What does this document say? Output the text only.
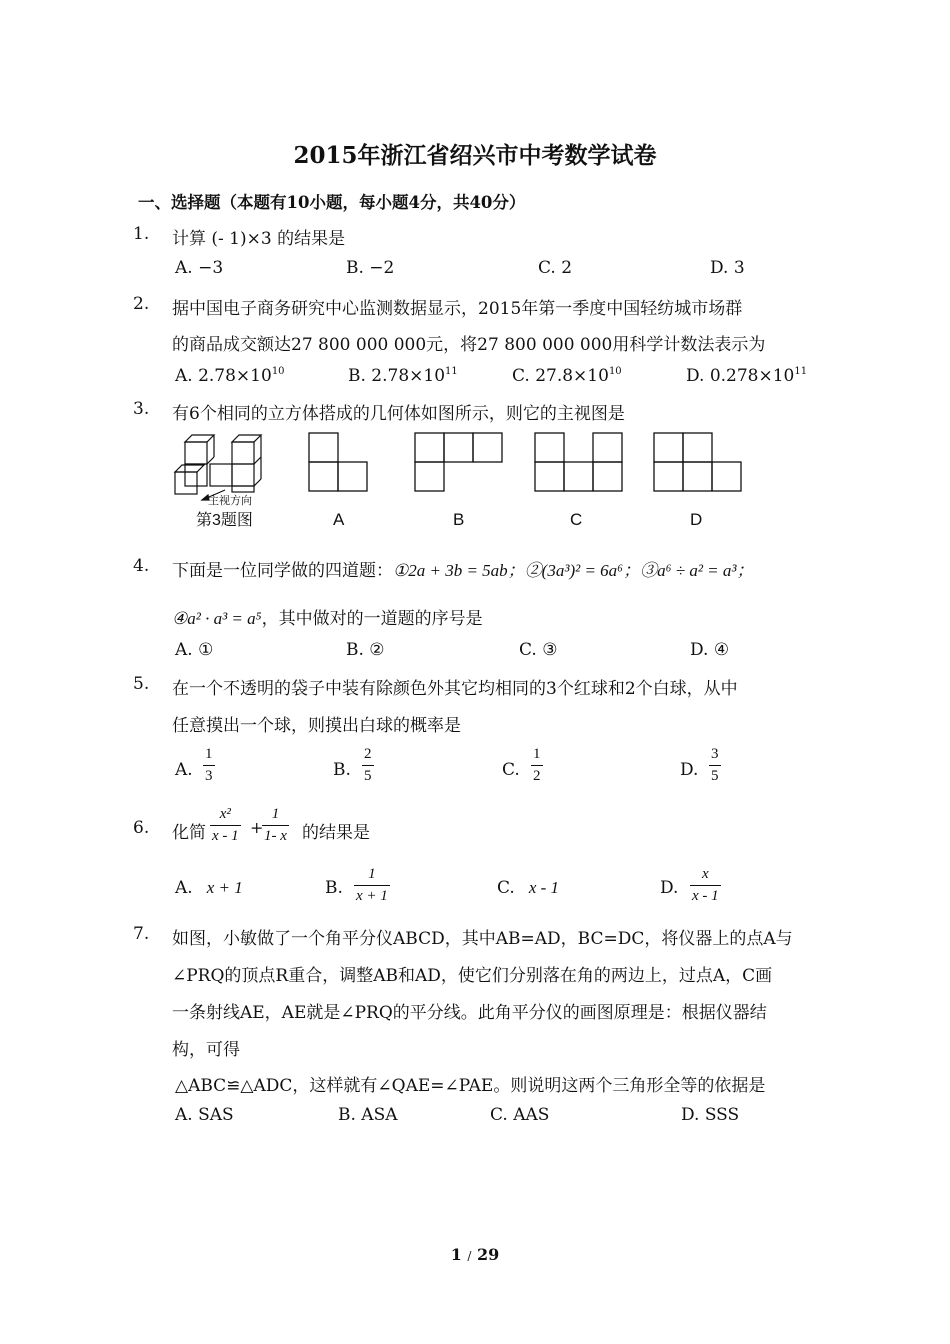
2015年浙江省绍兴市中考数学试卷
一、选择题（本题有10小题，每小题4分，共40分）
1. 计算 (- 1)×3 的结果是
A. −3	B. −2	C. 2	D. 3
2. 据中国电子商务研究中心监测数据显示，2015年第一季度中国轻纺城市场群
的商品成交额达27 800 000 000元，将27 800 000 000用科学计数法表示为
A. $2.78\times 10^{10}$	B. $2.78\times 10^{11}$	C. $27.8\times 10^{10}$	D. $0.278\times 10^{11}$
3. 有6个相同的立方体搭成的几何体如图所示，则它的主视图是
主视方向
第3题图	A	B	C	D
4. 下面是一位同学做的四道题：①2a + 3b = 5ab；②(3a³)² = 6a⁶；③a⁶ ÷ a² = a³；
④a² · a³ = a⁵，其中做对的一道题的序号是
A. ①	B. ②	C. ③	D. ④
5. 在一个不透明的袋子中装有除颜色外其它均相同的3个红球和2个白球，从中
任意摸出一个球，则摸出白球的概率是
A. $\frac{1}{3}$	B. $\frac{2}{5}$	C. $\frac{1}{2}$	D. $\frac{3}{5}$
6. 化简 $\frac{\text{x²}}{x - 1}$ +
$\frac{1}{1- x}$ 的结果是
A. x + 1	B. $\frac{1}{x + 1}$	C. x - 1	D. $\frac{x}{x - 1}$
7. 如图，小敏做了一个角平分仪ABCD，其中AB=AD，BC=DC，将仪器上的点A与
∠PRQ的顶点R重合，调整AB和AD，使它们分别落在角的两边上，过点A，C画
一条射线AE，AE就是∠PRQ的平分线。此角平分仪的画图原理是：根据仪器结
构，可得
△ABC≌△ADC，这样就有∠QAE=∠PAE。则说明这两个三角形全等的依据是
A. SAS	B. ASA	C. AAS	D. SSS
1 / 29
